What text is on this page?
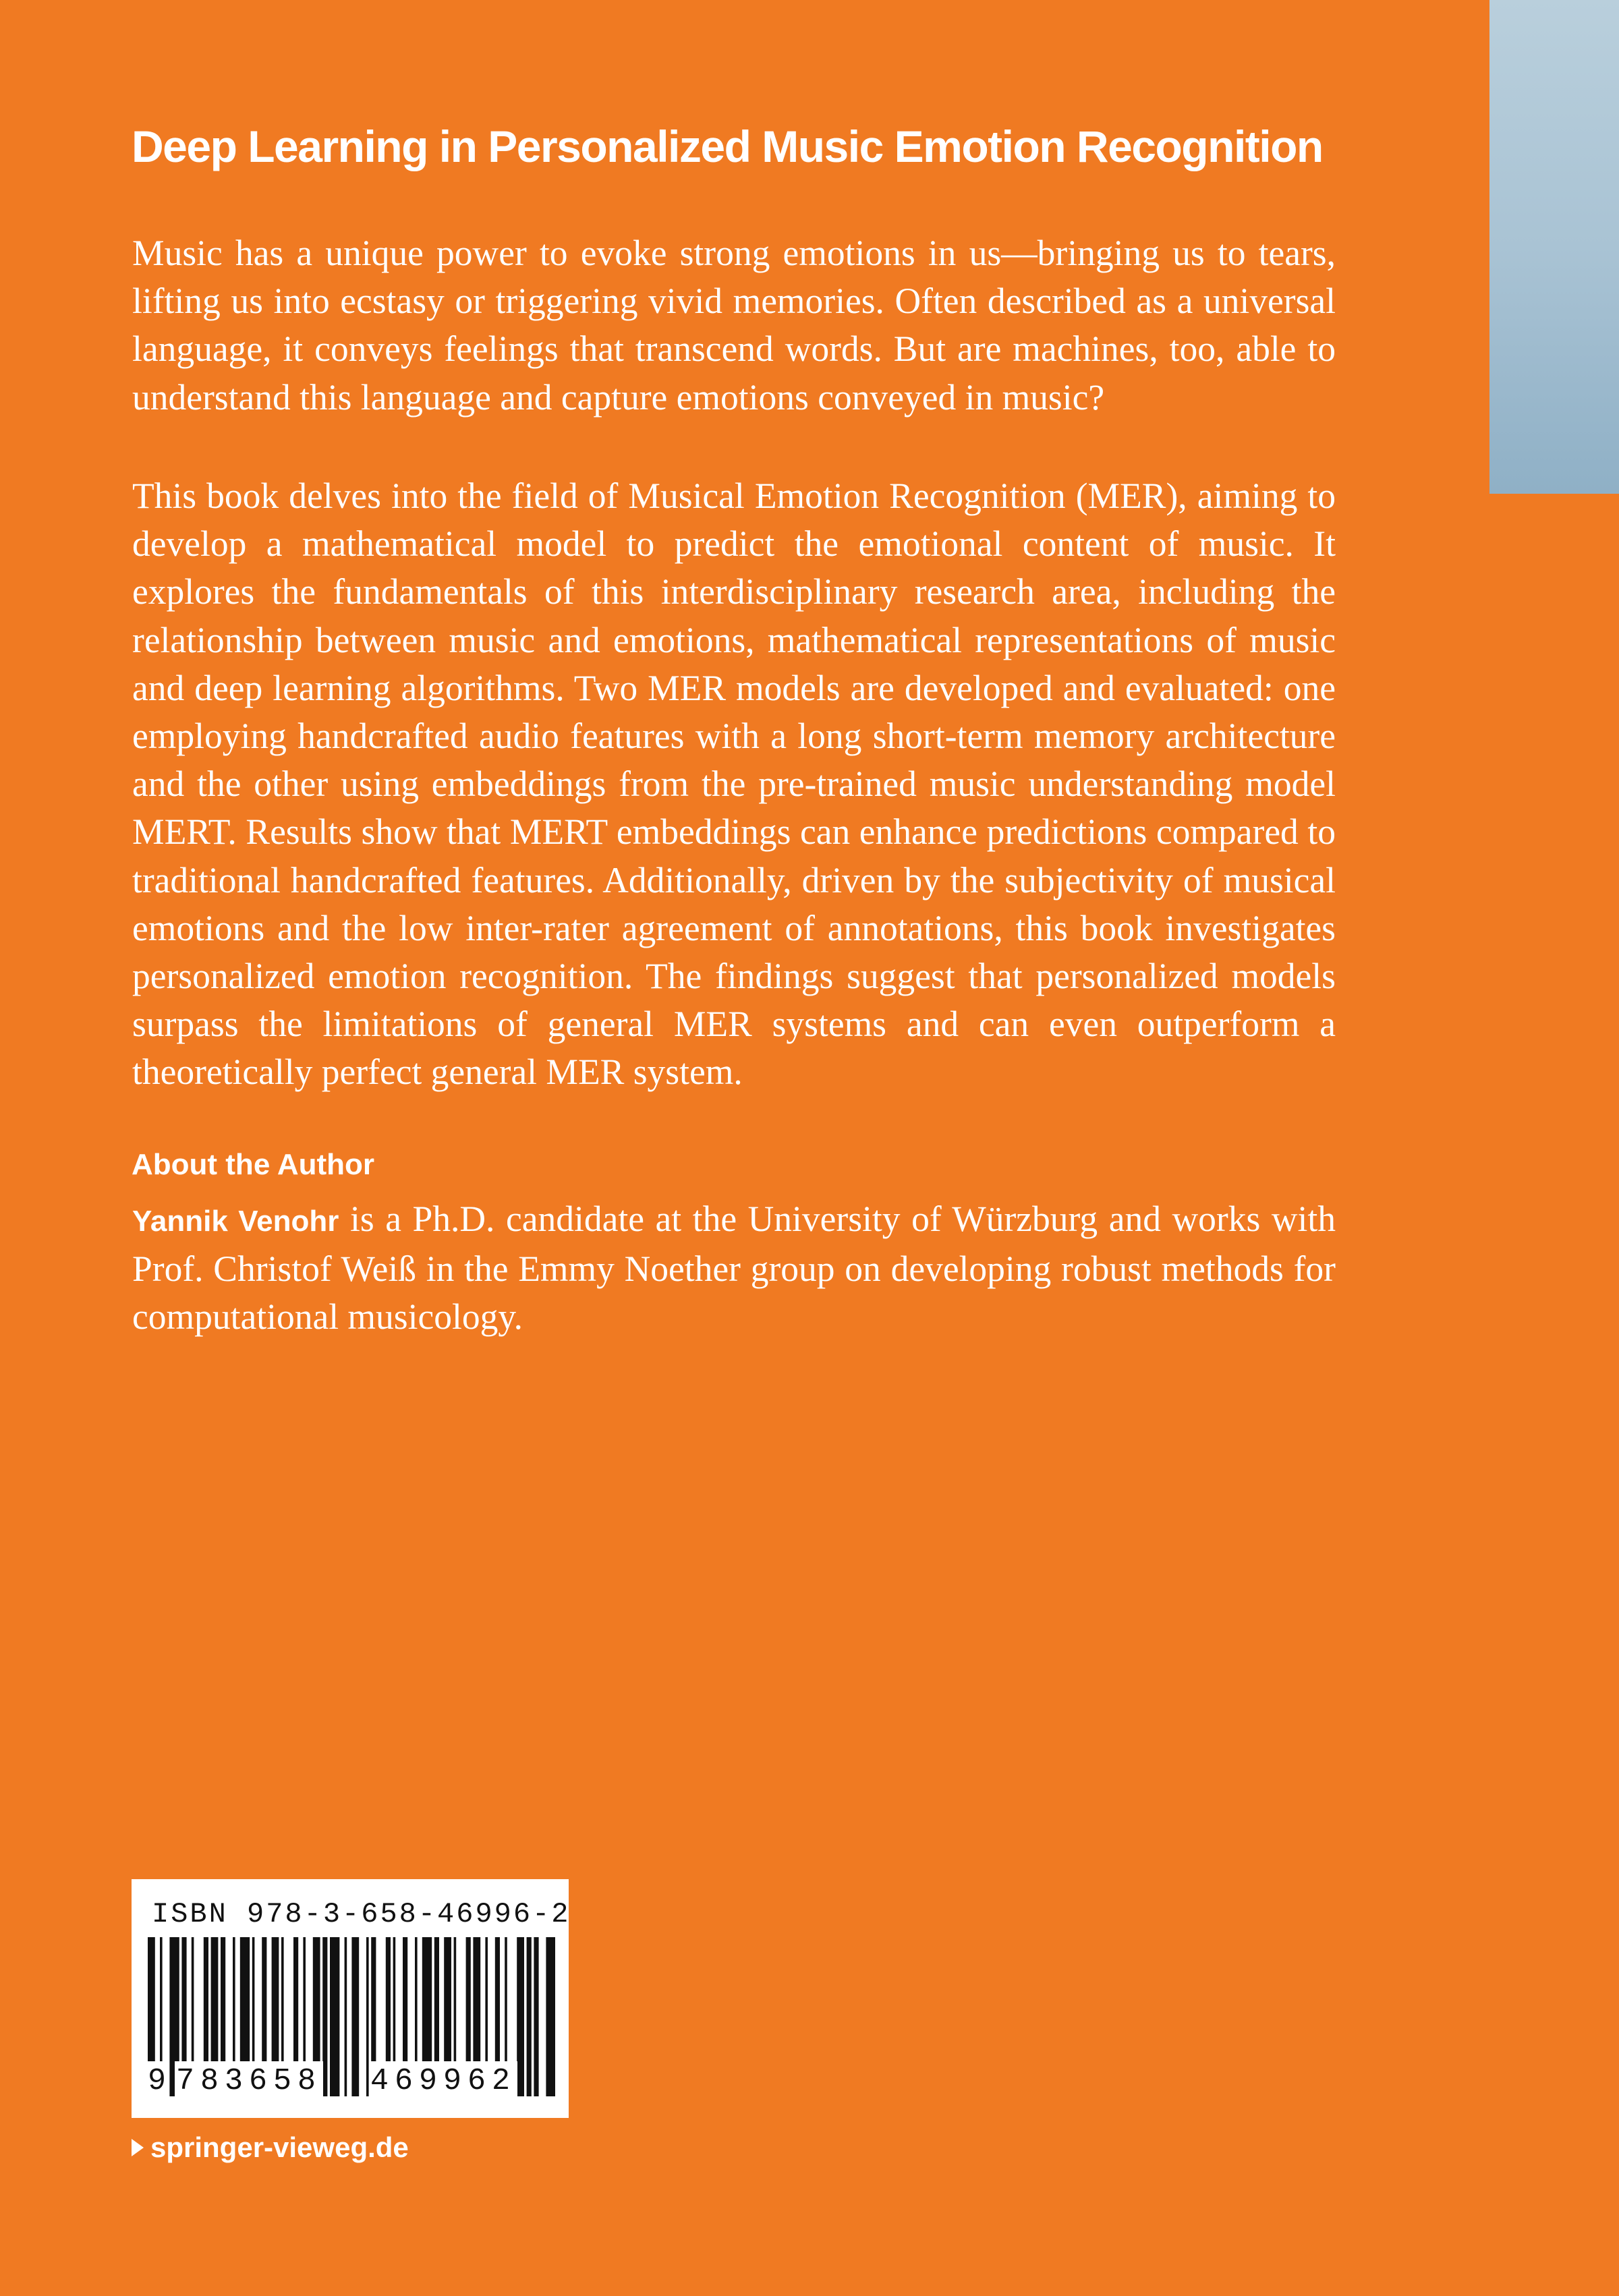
Deep Learning in Personalized Music Emotion Recognition

Music has a unique power to evoke strong emotions in us—bringing us to tears, lifting us into ecstasy or triggering vivid memories. Often described as a universal language, it conveys feelings that transcend words. But are machines, too, able to understand this language and capture emotions conveyed in music?

This book delves into the field of Musical Emotion Recognition (MER), aiming to develop a mathematical model to predict the emotional content of music. It explores the fundamentals of this interdisciplinary research area, including the relationship between music and emotions, mathematical representations of music and deep learning algorithms. Two MER models are developed and evaluated: one employing handcrafted audio features with a long short-term memory architecture and the other using embeddings from the pre-trained music understanding model MERT. Results show that MERT embeddings can enhance predictions compared to traditional handcrafted features. Additionally, driven by the subjectivity of musical emotions and the low inter-rater agreement of annotations, this book investigates personalized emotion recognition. The findings suggest that personalized models surpass the limitations of general MER systems and can even outperform a theoretically perfect general MER system.

About the Author

Yannik Venohr is a Ph.D. candidate at the University of Würzburg and works with Prof. Christof Weiß in the Emmy Noether group on developing robust methods for computational musicology.

ISBN 978-3-658-46996-2
9 783658 469962
springer-vieweg.de
